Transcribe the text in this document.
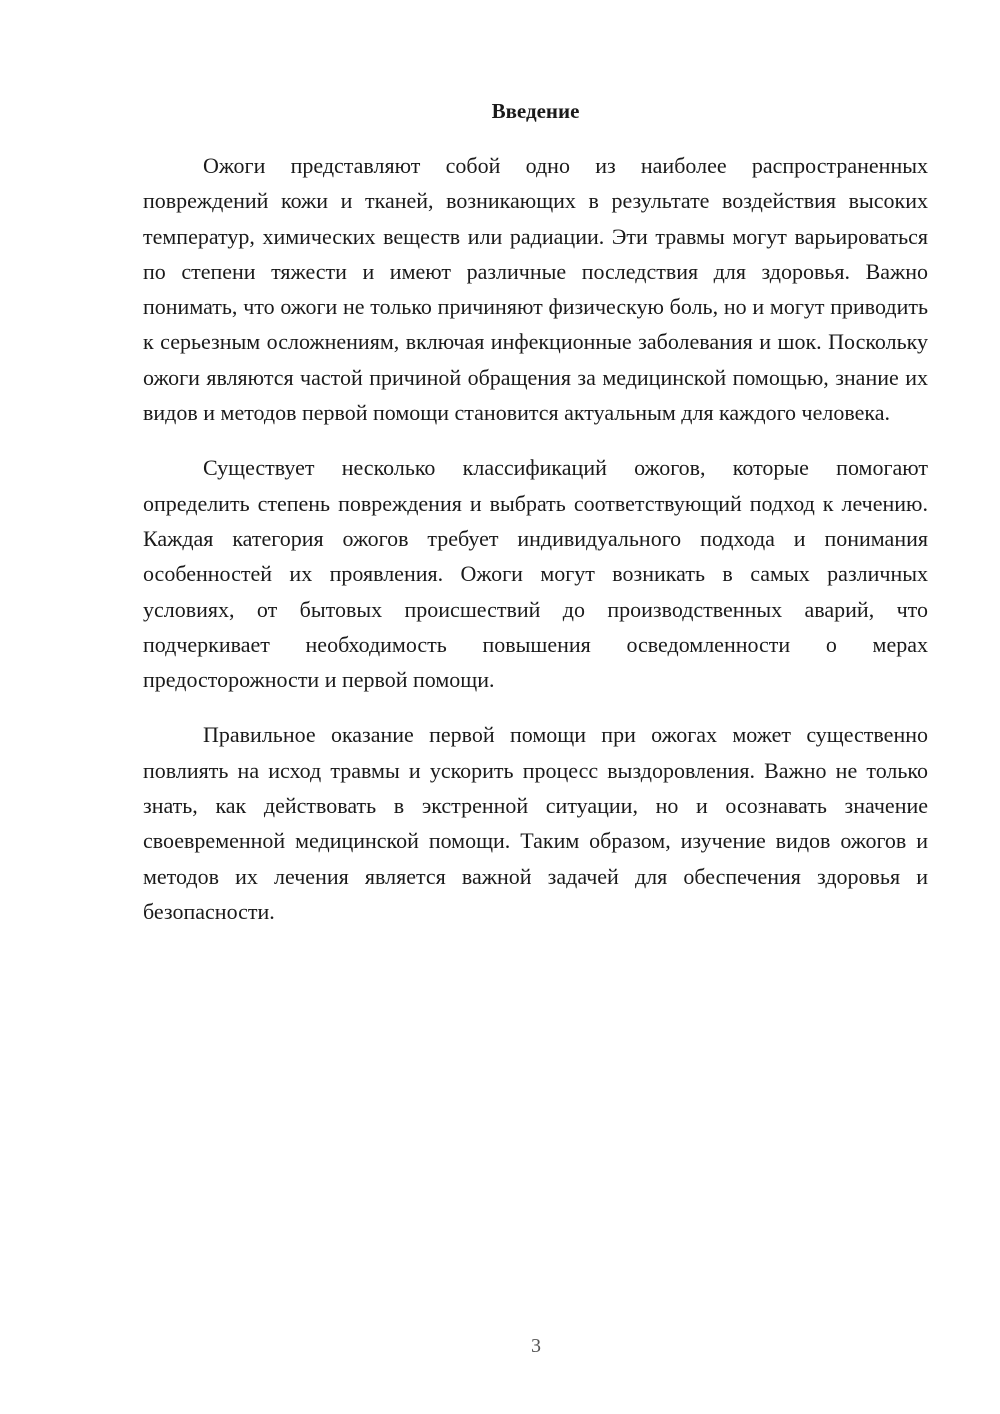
Введение

Ожоги представляют собой одно из наиболее распространенных повреждений кожи и тканей, возникающих в результате воздействия высоких температур, химических веществ или радиации. Эти травмы могут варьироваться по степени тяжести и имеют различные последствия для здоровья. Важно понимать, что ожоги не только причиняют физическую боль, но и могут приводить к серьезным осложнениям, включая инфекционные заболевания и шок. Поскольку ожоги являются частой причиной обращения за медицинской помощью, знание их видов и методов первой помощи становится актуальным для каждого человека.

Существует несколько классификаций ожогов, которые помогают определить степень повреждения и выбрать соответствующий подход к лечению. Каждая категория ожогов требует индивидуального подхода и понимания особенностей их проявления. Ожоги могут возникать в самых различных условиях, от бытовых происшествий до производственных аварий, что подчеркивает необходимость повышения осведомленности о мерах предосторожности и первой помощи.

Правильное оказание первой помощи при ожогах может существенно повлиять на исход травмы и ускорить процесс выздоровления. Важно не только знать, как действовать в экстренной ситуации, но и осознавать значение своевременной медицинской помощи. Таким образом, изучение видов ожогов и методов их лечения является важной задачей для обеспечения здоровья и безопасности.

3
